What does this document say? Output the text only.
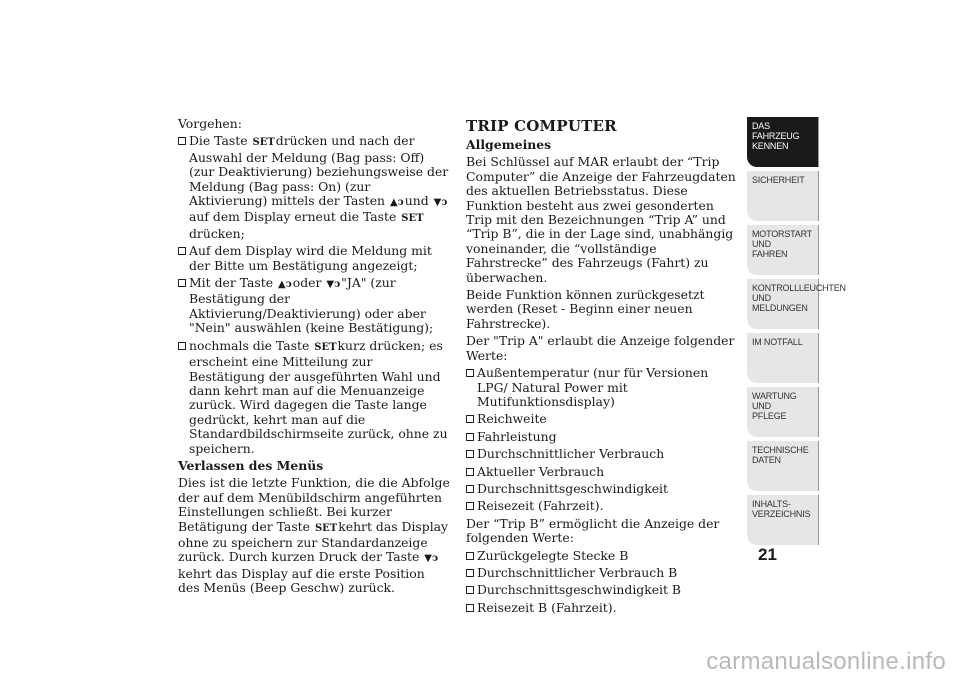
Vorgehen:

Die Taste SETdrücken und nach der Auswahl der Meldung (Bag pass: Off) (zur Deaktivierung) beziehungsweise der Meldung (Bag pass: On) (zur Aktivierung) mittels der Tasten ▲ↄund ▼ↄauf dem Display erneut die Taste SETdrücken;
Auf dem Display wird die Meldung mit der Bitte um Bestätigung angezeigt;
Mit der Taste ▲ↄoder ▼ↄ"JA" (zur Bestätigung der Aktivierung/Deaktivierung) oder aber "Nein" auswählen (keine Bestätigung);
nochmals die Taste SETkurz drücken; es erscheint eine Mitteilung zur Bestätigung der ausgeführten Wahl und dann kehrt man auf die Menuanzeige zurück. Wird dagegen die Taste lange gedrückt, kehrt man auf die Standardbildschirmseite zurück, ohne zu speichern.

Verlassen des Menüs

Dies ist die letzte Funktion, die die Abfolge der auf dem Menübildschirm angeführten Einstellungen schließt. Bei kurzer Betätigung der Taste SETkehrt das Display ohne zu speichern zur Standardanzeige zurück. Durch kurzen Druck der Taste ▼ↄkehrt das Display auf die erste Position des Menüs (Beep Geschw) zurück.

TRIP COMPUTER

Allgemeines

Bei Schlüssel auf MAR erlaubt der “Trip Computer” die Anzeige der Fahrzeugdaten des aktuellen Betriebsstatus. Diese Funktion besteht aus zwei gesonderten Trip mit den Bezeichnungen “Trip A” und “Trip B”, die in der Lage sind, unabhängig voneinander, die “vollständige Fahrstrecke” des Fahrzeugs (Fahrt) zu überwachen.

Beide Funktion können zurückgesetzt werden (Reset - Beginn einer neuen Fahrstrecke).

Der "Trip A" erlaubt die Anzeige folgender Werte:

Außentemperatur (nur für Versionen LPG/ Natural Power mit Mutifunktionsdisplay)
Reichweite
Fahrleistung
Durchschnittlicher Verbrauch
Aktueller Verbrauch
Durchschnittsgeschwindigkeit
Reisezeit (Fahrzeit).

Der “Trip B” ermöglicht die Anzeige der folgenden Werte:

Zurückgelegte Stecke B
Durchschnittlicher Verbrauch B
Durchschnittsgeschwindigkeit B
Reisezeit B (Fahrzeit).
DAS FAHRZEUG
KENNEN
SICHERHEIT
MOTORSTART UND
FAHREN
KONTROLLLEUCHTEN
UND MELDUNGEN
IM NOTFALL
WARTUNG UND
PFLEGE
TECHNISCHE
DATEN
INHALTS-
VERZEICHNIS
21
carmanualsonline.info
